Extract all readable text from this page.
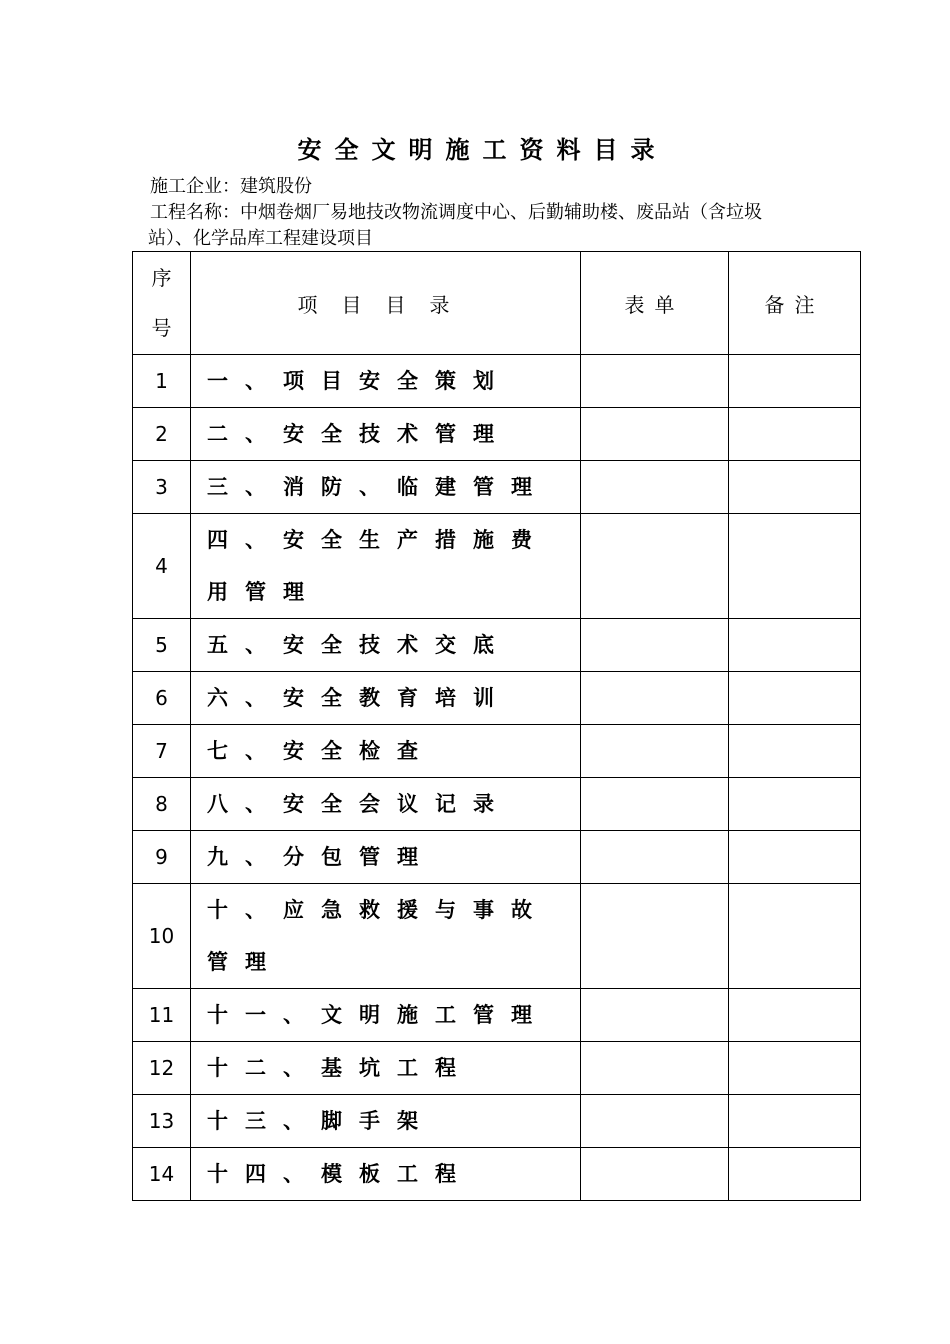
安全文明施工资料目录

施工企业：建筑股份

工程名称：中烟卷烟厂易地技改物流调度中心、后勤辅助楼、废品站（含垃圾
站）、化学品库工程建设项目

序
号	项目目录	表单	备注
1	一、项目安全策划		
2	二、安全技术管理		
3	三、消防、临建管理		
4	四、安全生产措施费用管理		
5	五、安全技术交底		
6	六、安全教育培训		
7	七、安全检查		
8	八、安全会议记录		
9	九、分包管理		
10	十、应急救援与事故管理		
11	十一、文明施工管理		
12	十二、基坑工程		
13	十三、脚手架		
14	十四、模板工程		
